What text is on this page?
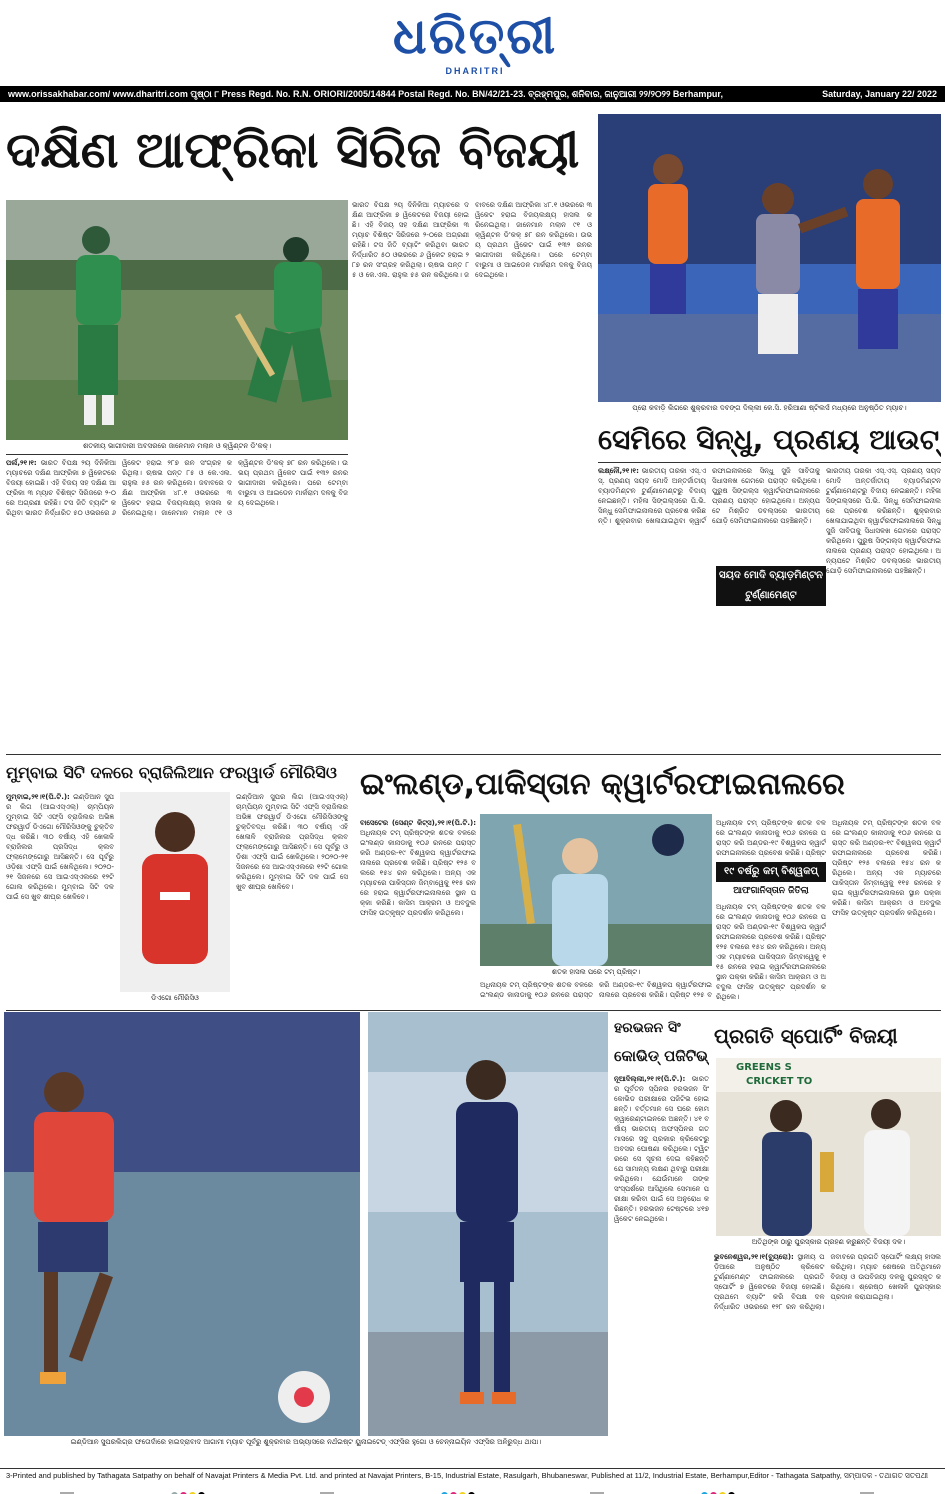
ଧରିତ୍ରୀ
DHARITRI
www.orissakhabar.com/ www.dharitri.com ପୃଷ୍ଠା ୮ Press Regd. No. R.N. ORIORI/2005/14844 Postal Regd. No. BN/42/21-23. ବ୍ରହ୍ମପୁର, ଶନିବାର, ଜାନୁଆରୀ ୨୨/୨୦୨୨ Berhampur,	Saturday, January 22/ 2022
ଦକ୍ଷିଣ ଆଫ୍ରିକା ସିରିଜ ବିଜୟୀ
ଶତକୀୟ ଭାଗୀଦାରୀ ଅବସରରେ ଜାନେମାନ ମଲାନ ଓ କ୍ୱିଣ୍ଟନ ଡି'କକ୍।
ପର୍ଲ,୨୧।୧: ଭାରତ ବିପକ୍ଷ ୨ୟ ଦିନିକିଆ ମ୍ୟାଚରେ ଦକ୍ଷିଣ ଆଫ୍ରିକା ୭ ୱିକେଟରେ ବିଜୟୀ ହୋଇଛି। ଏହି ବିଜୟ ସହ ଦକ୍ଷିଣ ଆଫ୍ରିକା ୩ ମ୍ୟାଚ ବିଶିଷ୍ଟ ସିରିଜରେ ୨-୦ରେ ଅଗ୍ରଣୀ ରହିଛି। ଟସ ଜିତି ବ୍ୟାଟିଂ କରିଥିବା ଭାରତ ନିର୍ଦ୍ଧାରିତ ୫୦ ଓଭରରେ ୬ ୱିକେଟ ହରାଇ ୨୮୭ ରନ ସଂଗ୍ରହ କରିଥିଲା। ଋଷଭ ପନ୍ତ ୮୫ ଓ କେ.ଏଲ. ରାହୁଲ ୫୫ ରନ କରିଥିଲେ। ଜବାବରେ ଦକ୍ଷିଣ ଆଫ୍ରିକା ୪୮.୧ ଓଭରରେ ୩ ୱିକେଟ ହରାଇ ବିଜୟଲକ୍ଷ୍ୟ ହାସଲ କରିନେଇଥିଲା। ଜାନେମାନ ମଲାନ ୯୧ ଓ କ୍ୱିଣ୍ଟନ ଡି'କକ୍ ୭୮ ରନ କରିଥିଲେ। ଉଭୟ ପ୍ରଥମ ୱିକେଟ ପାଇଁ ୧୩୨ ରନର ଭାଗୀଦାରୀ କରିଥିଲେ। ପରେ ଟେମ୍ବା ବାଭୁମା ଓ ଆଇଡେନ ମାର୍କରାମ ଦଳକୁ ବିଜୟ ଦେଇଥିଲେ।
ଭାରତ ବିପକ୍ଷ ୨ୟ ଦିନିକିଆ ମ୍ୟାଚରେ ଦକ୍ଷିଣ ଆଫ୍ରିକା ୭ ୱିକେଟରେ ବିଜୟୀ ହୋଇଛି। ଏହି ବିଜୟ ସହ ଦକ୍ଷିଣ ଆଫ୍ରିକା ୩ ମ୍ୟାଚ ବିଶିଷ୍ଟ ସିରିଜରେ ୨-୦ରେ ଅଗ୍ରଣୀ ରହିଛି। ଟସ ଜିତି ବ୍ୟାଟିଂ କରିଥିବା ଭାରତ ନିର୍ଦ୍ଧାରିତ ୫୦ ଓଭରରେ ୬ ୱିକେଟ ହରାଇ ୨୮୭ ରନ ସଂଗ୍ରହ କରିଥିଲା। ଋଷଭ ପନ୍ତ ୮୫ ଓ କେ.ଏଲ. ରାହୁଲ ୫୫ ରନ କରିଥିଲେ। ଜବାବରେ ଦକ୍ଷିଣ ଆଫ୍ରିକା ୪୮.୧ ଓଭରରେ ୩ ୱିକେଟ ହରାଇ ବିଜୟଲକ୍ଷ୍ୟ ହାସଲ କରିନେଇଥିଲା। ଜାନେମାନ ମଲାନ ୯୧ ଓ କ୍ୱିଣ୍ଟନ ଡି'କକ୍ ୭୮ ରନ କରିଥିଲେ। ଉଭୟ ପ୍ରଥମ ୱିକେଟ ପାଇଁ ୧୩୨ ରନର ଭାଗୀଦାରୀ କରିଥିଲେ। ପରେ ଟେମ୍ବା ବାଭୁମା ଓ ଆଇଡେନ ମାର୍କରାମ ଦଳକୁ ବିଜୟ ଦେଇଥିଲେ।
ପ୍ରୋ କବାଡ଼ି ଲିଗରେ ଶୁକ୍ରବାର ଦବଙ୍ଗ ଦିଲ୍ଲୀ କେ.ସି. ହରିଆଣା ଷ୍ଟିଲର୍ସ ମଧ୍ୟରେ ଅନୁଷ୍ଠିତ ମ୍ୟାଚ।
ସେମିରେ ସିନ୍ଧୁ, ପ୍ରଣୟ ଆଉଟ୍
ଲକ୍ଷ୍ନୌ,୨୧।୧: ଭାରତୀୟ ତାରକା ଏସ୍.ଏସ୍. ପ୍ରଣୟ ସୟଦ ମୋଦି ଅନ୍ତର୍ଜାତୀୟ ବ୍ୟାଡମିଣ୍ଟନ ଟୁର୍ଣ୍ଣାମେଣ୍ଟରୁ ବିଦାୟ ନେଇଛନ୍ତି। ମହିଳା ସିଙ୍ଗଲ୍ସରେ ପି.ଭି. ସିନ୍ଧୁ ସେମିଫାଇନାଲରେ ପ୍ରବେଶ କରିଛନ୍ତି। ଶୁକ୍ରବାର ଖେଳାଯାଇଥିବା କ୍ୱାର୍ଟରଫାଇନାଲରେ ସିନ୍ଧୁ ସୁଜି ସାବିତାକୁ ସିଧାସଳଖ ଗେମରେ ପରାସ୍ତ କରିଥିଲେ। ପୁରୁଷ ସିଙ୍ଗଲ୍ସ କ୍ୱାର୍ଟରଫାଇନାଲରେ ପ୍ରଣୟ ପରାସ୍ତ ହୋଇଥିଲେ। ଅନ୍ୟପଟେ ମିଶ୍ରିତ ଡବଲ୍ସରେ ଭାରତୀୟ ଯୋଡ଼ି ସେମିଫାଇନାଲରେ ପହଞ୍ଚିଛନ୍ତି।
ସୟଦ ମୋଦି ବ୍ୟାଡ଼ମିଣ୍ଟନ ଟୁର୍ଣ୍ଣାମେଣ୍ଟ
ଭାରତୀୟ ତାରକା ଏସ୍.ଏସ୍. ପ୍ରଣୟ ସୟଦ ମୋଦି ଅନ୍ତର୍ଜାତୀୟ ବ୍ୟାଡମିଣ୍ଟନ ଟୁର୍ଣ୍ଣାମେଣ୍ଟରୁ ବିଦାୟ ନେଇଛନ୍ତି। ମହିଳା ସିଙ୍ଗଲ୍ସରେ ପି.ଭି. ସିନ୍ଧୁ ସେମିଫାଇନାଲରେ ପ୍ରବେଶ କରିଛନ୍ତି। ଶୁକ୍ରବାର ଖେଳାଯାଇଥିବା କ୍ୱାର୍ଟରଫାଇନାଲରେ ସିନ୍ଧୁ ସୁଜି ସାବିତାକୁ ସିଧାସଳଖ ଗେମରେ ପରାସ୍ତ କରିଥିଲେ। ପୁରୁଷ ସିଙ୍ଗଲ୍ସ କ୍ୱାର୍ଟରଫାଇନାଲରେ ପ୍ରଣୟ ପରାସ୍ତ ହୋଇଥିଲେ। ଅନ୍ୟପଟେ ମିଶ୍ରିତ ଡବଲ୍ସରେ ଭାରତୀୟ ଯୋଡ଼ି ସେମିଫାଇନାଲରେ ପହଞ୍ଚିଛନ୍ତି।
ମୁମ୍ବାଇ ସିଟି ଦଳରେ ବ୍ରାଜିଲିଆନ ଫରୱାର୍ଡ ମୌରିସିଓ
ମୁମ୍ବାଇ,୨୧।୧(ପି.ଟି.): ଇଣ୍ଡିଆନ ସୁପର ଲିଗ (ଆଇଏସ୍‌ଏଲ୍) ଚାମ୍ପିୟନ ମୁମ୍ବାଇ ସିଟି ଏଫ୍‌ସି ବ୍ରାଜିଲର ଅଭିଜ୍ଞ ଫରୱାର୍ଡ ଡିଏଗୋ ମୌରିସିଓଙ୍କୁ ଚୁକ୍ତିବଦ୍ଧ କରିଛି। ୩୦ ବର୍ଷୀୟ ଏହି ଖେଳାଳି ବ୍ରାଜିଲର ପ୍ରସିଦ୍ଧ କ୍ଲବ ଫ୍ଲାମେଙ୍ଗୋରୁ ଆସିଛନ୍ତି। ସେ ପୂର୍ବରୁ ଓଡ଼ିଶା ଏଫ୍‌ସି ପାଇଁ ଖେଳିଥିଲେ। ୨୦୨୦-୨୧ ସିଜନରେ ସେ ଆଇଏସ୍‌ଏଲରେ ୧୨ଟି ଗୋଲ କରିଥିଲେ। ମୁମ୍ବାଇ ସିଟି ଦଳ ପାଇଁ ସେ ଖୁବ ଶୀଘ୍ର ଖେଳିବେ।
ଡିଏଗୋ ମୌରିସିଓ
ଇଣ୍ଡିଆନ ସୁପର ଲିଗ (ଆଇଏସ୍‌ଏଲ୍) ଚାମ୍ପିୟନ ମୁମ୍ବାଇ ସିଟି ଏଫ୍‌ସି ବ୍ରାଜିଲର ଅଭିଜ୍ଞ ଫରୱାର୍ଡ ଡିଏଗୋ ମୌରିସିଓଙ୍କୁ ଚୁକ୍ତିବଦ୍ଧ କରିଛି। ୩୦ ବର୍ଷୀୟ ଏହି ଖେଳାଳି ବ୍ରାଜିଲର ପ୍ରସିଦ୍ଧ କ୍ଲବ ଫ୍ଲାମେଙ୍ଗୋରୁ ଆସିଛନ୍ତି। ସେ ପୂର୍ବରୁ ଓଡ଼ିଶା ଏଫ୍‌ସି ପାଇଁ ଖେଳିଥିଲେ। ୨୦୨୦-୨୧ ସିଜନରେ ସେ ଆଇଏସ୍‌ଏଲରେ ୧୨ଟି ଗୋଲ କରିଥିଲେ। ମୁମ୍ବାଇ ସିଟି ଦଳ ପାଇଁ ସେ ଖୁବ ଶୀଘ୍ର ଖେଳିବେ।
ଇଂଲଣ୍ଡ,ପାକିସ୍ତାନ କ୍ୱାର୍ଟରଫାଇନାଲରେ
ବାସେଟେର (ସେଣ୍ଟ କିଟ୍ସ),୨୧।୧(ପି.ଟି.): ଅଧିନାୟକ ଟମ୍ ପ୍ରିଷ୍ଟଙ୍କ ଶତକ ବଳରେ ଇଂଲଣ୍ଡ କାନାଡାକୁ ୧୦୬ ରନରେ ପରାସ୍ତ କରି ଅଣ୍ଡର-୧୯ ବିଶ୍ୱକପ କ୍ୱାର୍ଟରଫାଇନାଲରେ ପ୍ରବେଶ କରିଛି। ପ୍ରିଷ୍ଟ ୧୨୫ ବଲରେ ୧୫୪ ରନ କରିଥିଲେ। ଅନ୍ୟ ଏକ ମ୍ୟାଚରେ ପାକିସ୍ତାନ ଜିମ୍ବାୱେକୁ ୧୧୫ ରନରେ ହରାଇ କ୍ୱାର୍ଟରଫାଇନାଲରେ ସ୍ଥାନ ପକ୍କା କରିଛି। କାସିମ ଆକ୍ରମ ଓ ଅବଦୁଲ ଫାସିହ ଉତ୍କୃଷ୍ଟ ପ୍ରଦର୍ଶନ କରିଥିଲେ।
ଶତକ ହାସଲ ପରେ ଟମ୍ ପ୍ରିଷ୍ଟ।
ଅଧିନାୟକ ଟମ୍ ପ୍ରିଷ୍ଟଙ୍କ ଶତକ ବଳରେ ଇଂଲଣ୍ଡ କାନାଡାକୁ ୧୦୬ ରନରେ ପରାସ୍ତ କରି ଅଣ୍ଡର-୧୯ ବିଶ୍ୱକପ କ୍ୱାର୍ଟରଫାଇନାଲରେ ପ୍ରବେଶ କରିଛି। ପ୍ରିଷ୍ଟ ୧୨୫ ବ
ଅଧିନାୟକ ଟମ୍ ପ୍ରିଷ୍ଟଙ୍କ ଶତକ ବଳରେ ଇଂଲଣ୍ଡ କାନାଡାକୁ ୧୦୬ ରନରେ ପରାସ୍ତ କରି ଅଣ୍ଡର-୧୯ ବିଶ୍ୱକପ କ୍ୱାର୍ଟରଫାଇନାଲରେ ପ୍ରବେଶ କରିଛି। ପ୍ରିଷ୍ଟ
୧୯ ବର୍ଷରୁ କମ୍ ବିଶ୍ୱକପ୍
ଆଫଗାନିସ୍ତାନ ଜିତିଲା
ଅଧିନାୟକ ଟମ୍ ପ୍ରିଷ୍ଟଙ୍କ ଶତକ ବଳରେ ଇଂଲଣ୍ଡ କାନାଡାକୁ ୧୦୬ ରନରେ ପରାସ୍ତ କରି ଅଣ୍ଡର-୧୯ ବିଶ୍ୱକପ କ୍ୱାର୍ଟରଫାଇନାଲରେ ପ୍ରବେଶ କରିଛି। ପ୍ରିଷ୍ଟ ୧୨୫ ବଲରେ ୧୫୪ ରନ କରିଥିଲେ। ଅନ୍ୟ ଏକ ମ୍ୟାଚରେ ପାକିସ୍ତାନ ଜିମ୍ବାୱେକୁ ୧୧୫ ରନରେ ହରାଇ କ୍ୱାର୍ଟରଫାଇନାଲରେ ସ୍ଥାନ ପକ୍କା କରିଛି। କାସିମ ଆକ୍ରମ ଓ ଅବଦୁଲ ଫାସିହ ଉତ୍କୃଷ୍ଟ ପ୍ରଦର୍ଶନ କରିଥିଲେ।
ଅଧିନାୟକ ଟମ୍ ପ୍ରିଷ୍ଟଙ୍କ ଶତକ ବଳରେ ଇଂଲଣ୍ଡ କାନାଡାକୁ ୧୦୬ ରନରେ ପରାସ୍ତ କରି ଅଣ୍ଡର-୧୯ ବିଶ୍ୱକପ କ୍ୱାର୍ଟରଫାଇନାଲରେ ପ୍ରବେଶ କରିଛି। ପ୍ରିଷ୍ଟ ୧୨୫ ବଲରେ ୧୫୪ ରନ କରିଥିଲେ। ଅନ୍ୟ ଏକ ମ୍ୟାଚରେ ପାକିସ୍ତାନ ଜିମ୍ବାୱେକୁ ୧୧୫ ରନରେ ହରାଇ କ୍ୱାର୍ଟରଫାଇନାଲରେ ସ୍ଥାନ ପକ୍କା କରିଛି। କାସିମ ଆକ୍ରମ ଓ ଅବଦୁଲ ଫାସିହ ଉତ୍କୃଷ୍ଟ ପ୍ରଦର୍ଶନ କରିଥିଲେ।
ଇଣ୍ଡିଆନ ସୁପରଲିଗ୍‌ର ଫତୋର୍ଦାରେ ହାଇଦ୍ରାବାଦ ଆଗାମୀ ମ୍ୟାଚ ପୂର୍ବରୁ ଶୁକ୍ରବାର ଅଭ୍ୟାସରେ ନର୍ଥଇଷ୍ଟ ୟୁନାଇଟେଡ୍ ଏଫ୍‌ସିର ହୁଗୋ ଓ ଚେନ୍ନାଇୟିନ ଏଫ୍‌ସିର ଅନିରୁଦ୍ଧ ଥାପା।
ହରଭଜନ ସିଂ
କୋଭିଡ୍ ପଜିଟିଭ୍
ନୂଆଦିଲ୍ଲୀ,୨୧।୧(ପି.ଟି.): ଭାରତର ପୂର୍ବତନ ସ୍ପିନର ହରଭଜନ ସିଂ କୋଭିଡ ପରୀକ୍ଷାରେ ପଜିଟିଭ ହୋଇଛନ୍ତି। ବର୍ତ୍ତମାନ ସେ ଘରେ ହୋମ କ୍ୱାରେଣ୍ଟାଇନରେ ଅଛନ୍ତି। ୪୧ ବର୍ଷୀୟ ଭାରତୀୟ ଅଫସ୍ପିନର ଗତ ମାସରେ ସବୁ ପ୍ରକାର କ୍ରିକେଟରୁ ଅବସର ଘୋଷଣା କରିଥିଲେ। ଟ୍ୱିଟରରେ ସେ ସୂଚନା ଦେଇ କହିଛନ୍ତି ଯେ ସାମାନ୍ୟ ଲକ୍ଷଣ ଥିବାରୁ ପରୀକ୍ଷା କରିଥିଲେ। ଯେଉଁମାନେ ତାଙ୍କ ସଂସ୍ପର୍ଶରେ ଆସିଥିଲେ ସେମାନେ ପରୀକ୍ଷା କରିବା ପାଇଁ ସେ ଅନୁରୋଧ କରିଛନ୍ତି। ହରଭଜନ ଟେଷ୍ଟରେ ୪୧୭ ୱିକେଟ ନେଇଥିଲେ।
ପ୍ରଗତି ସ୍ପୋର୍ଟିଂ ବିଜୟୀ
GREENS S
CRICKET TO
ଅତିଥିଙ୍କ ଠାରୁ ପୁରସ୍କାର ଗ୍ରହଣ କରୁଛନ୍ତି ବିଜୟୀ ଦଳ।
ଭୁବନେଶ୍ୱର,୨୧।୧(ବ୍ୟୁରୋ): ସ୍ଥାନୀୟ ପଡ଼ିଆରେ ଅନୁଷ୍ଠିତ କ୍ରିକେଟ ଟୁର୍ଣ୍ଣାମେଣ୍ଟ ଫାଇନାଲରେ ପ୍ରଗତି ସ୍ପୋର୍ଟିଂ ୭ ୱିକେଟରେ ବିଜୟୀ ହୋଇଛି। ପ୍ରଥମେ ବ୍ୟାଟିଂ କରି ବିପକ୍ଷ ଦଳ ନିର୍ଦ୍ଧାରିତ ଓଭରରେ ୧୨୮ ରନ କରିଥିଲା। ଜବାବରେ ପ୍ରଗତି ସ୍ପୋର୍ଟିଂ ଲକ୍ଷ୍ୟ ହାସଲ କରିଥିଲା। ମ୍ୟାଚ ଶେଷରେ ଅତିଥିମାନେ ବିଜୟୀ ଓ ଉପବିଜୟୀ ଦଳକୁ ପୁରସ୍କୃତ କରିଥିଲେ। ଶ୍ରେଷ୍ଠ ଖେଳାଳି ପୁରସ୍କାର ପ୍ରଦାନ କରାଯାଇଥିଲା।
3-Printed and published by Tathagata Satpathy on behalf of Navajat Printers & Media Pvt. Ltd. and printed at Navajat Printers, B-15, Industrial Estate, Rasulgarh, Bhubaneswar, Published at 11/2, Industrial Estate, Berhampur,Editor - Tathagata Satpathy, ସମ୍ପାଦକ - ତଥାଗତ ସତପଥୀ
